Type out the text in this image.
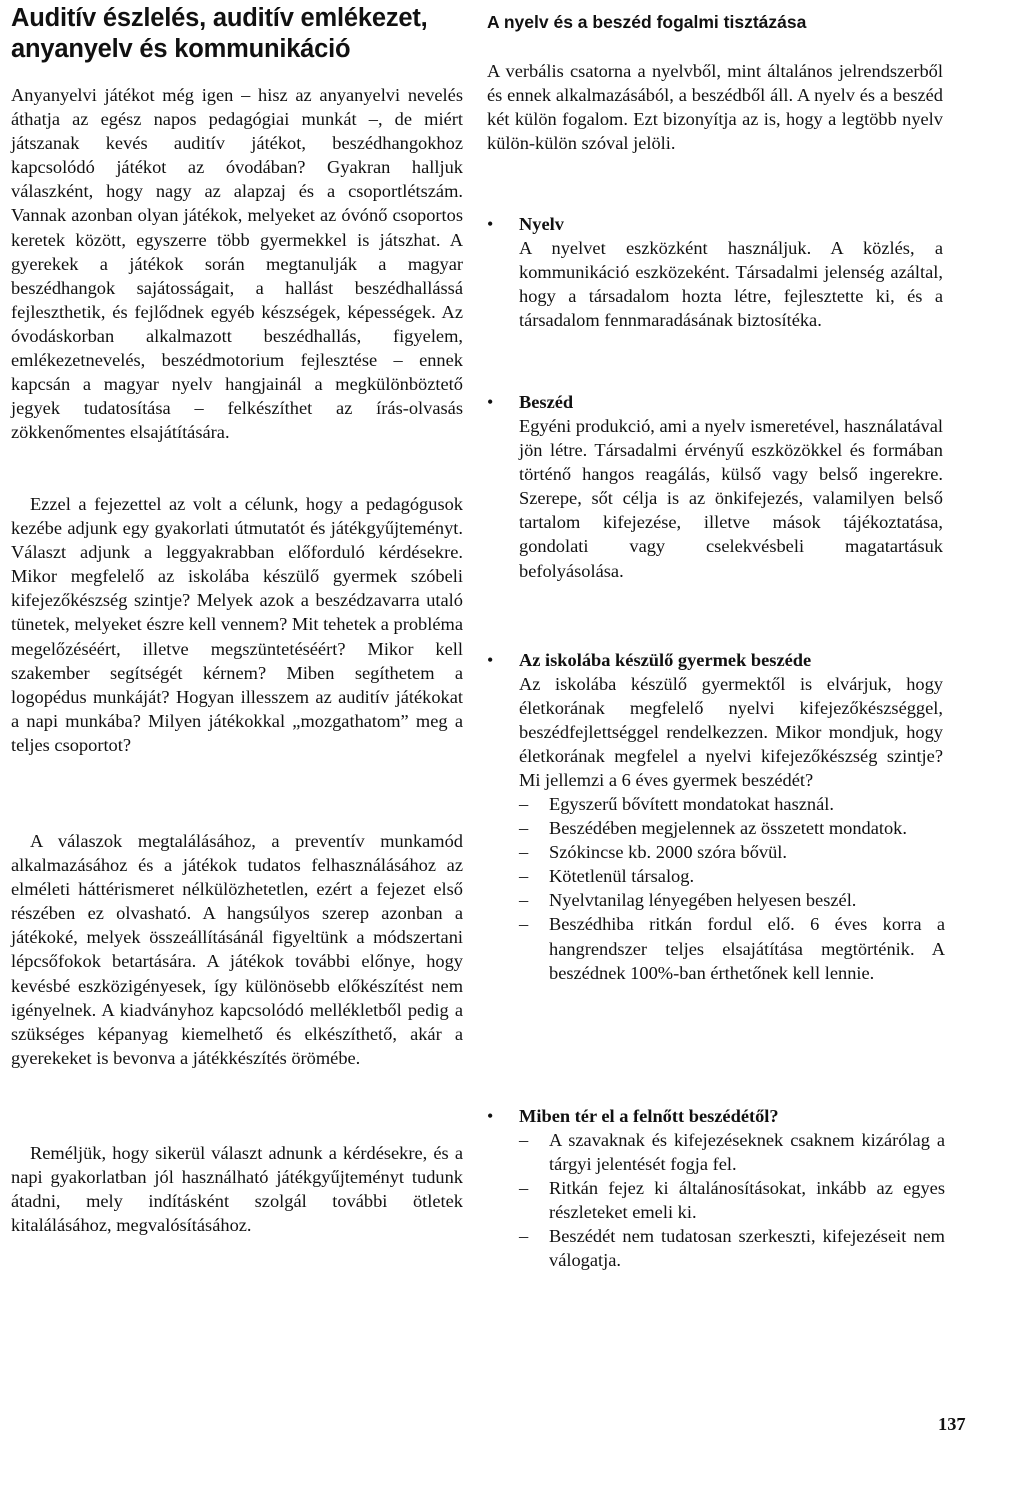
Auditív észlelés, auditív emlékezet, anyanyelv és kommunikáció

Anyanyelvi játékot még igen – hisz az anyanyelvi nevelés áthatja az egész napos pedagógiai munkát –, de miért játszanak kevés auditív játékot, beszédhangokhoz kapcsolódó játékot az óvodában? Gyakran halljuk válaszként, hogy nagy az alapzaj és a csoportlétszám. Vannak azonban olyan játékok, melyeket az óvónő csoportos keretek között, egyszerre több gyermekkel is játszhat. A gyerekek a játékok során megtanulják a magyar beszédhangok sajátosságait, a hallást beszédhallássá fejleszthetik, és fejlődnek egyéb készségek, képességek. Az óvodáskorban alkalmazott beszédhallás, figyelem, emlékezetnevelés, beszédmotorium fejlesztése – ennek kapcsán a magyar nyelv hangjainál a megkülönböztető jegyek tudatosítása – felkészíthet az írás-olvasás zökkenőmentes elsajátítására.

Ezzel a fejezettel az volt a célunk, hogy a pedagógusok kezébe adjunk egy gyakorlati útmutatót és játékgyűjteményt. Választ adjunk a leggyakrabban előforduló kérdésekre. Mikor megfelelő az iskolába készülő gyermek szóbeli kifejezőkészség szintje? Melyek azok a beszédzavarra utaló tünetek, melyeket észre kell vennem? Mit tehetek a probléma megelőzéséért, illetve megszüntetéséért? Mikor kell szakember segítségét kérnem? Miben segíthetem a logopédus munkáját? Hogyan illesszem az auditív játékokat a napi munkába? Milyen játékokkal „mozgathatom” meg a teljes csoportot?

A válaszok megtalálásához, a preventív munkamód alkalmazásához és a játékok tudatos felhasználásához az elméleti háttérismeret nélkülözhetetlen, ezért a fejezet első részében ez olvasható. A hangsúlyos szerep azonban a játékoké, melyek összeállításánál figyeltünk a módszertani lépcsőfokok betartására. A játékok további előnye, hogy kevésbé eszközigényesek, így különösebb előkészítést nem igényelnek. A kiadványhoz kapcsolódó mellékletből pedig a szükséges képanyag kiemelhető és elkészíthető, akár a gyerekeket is bevonva a játékkészítés örömébe.

Reméljük, hogy sikerül választ adnunk a kérdésekre, és a napi gyakorlatban jól használható játékgyűjteményt tudunk átadni, mely indításként szolgál további ötletek kitalálásához, megvalósításához.

A nyelv és a beszéd fogalmi tisztázása

A verbális csatorna a nyelvből, mint általános jelrendszerből és ennek alkalmazásából, a beszédből áll. A nyelv és a beszéd két külön fogalom. Ezt bizonyítja az is, hogy a legtöbb nyelv külön-külön szóval jelöli.

• Nyelv

A nyelvet eszközként használjuk. A közlés, a kommunikáció eszközeként. Társadalmi jelenség azáltal, hogy a társadalom hozta létre, fejlesztette ki, és a társadalom fennmaradásának biztosítéka.

• Beszéd

Egyéni produkció, ami a nyelv ismeretével, használatával jön létre. Társadalmi érvényű eszközökkel és formában történő hangos reagálás, külső vagy belső ingerekre. Szerepe, sőt célja is az önkifejezés, valamilyen belső tartalom kifejezése, illetve mások tájékoztatása, gondolati vagy cselekvésbeli magatartásuk befolyásolása.

• Az iskolába készülő gyermek beszéde

Az iskolába készülő gyermektől is elvárjuk, hogy életkorának megfelelő nyelvi kifejezőkészséggel, beszédfejlettséggel rendelkezzen. Mikor mondjuk, hogy életkorának megfelel a nyelvi kifejezőkészség szintje? Mi jellemzi a 6 éves gyermek beszédét?

– Egyszerű bővített mondatokat használ.
– Beszédében megjelennek az összetett mondatok.
– Szókincse kb. 2000 szóra bővül.
– Kötetlenül társalog.
– Nyelvtanilag lényegében helyesen beszél.
– Beszédhiba ritkán fordul elő. 6 éves korra a hangrendszer teljes elsajátítása megtörténik. A beszédnek 100%-ban érthetőnek kell lennie.
• Miben tér el a felnőtt beszédétől?

– A szavaknak és kifejezéseknek csaknem kizárólag a tárgyi jelentését fogja fel.
– Ritkán fejez ki általánosításokat, inkább az egyes részleteket emeli ki.
– Beszédét nem tudatosan szerkeszti, kifejezéseit nem válogatja.
137
